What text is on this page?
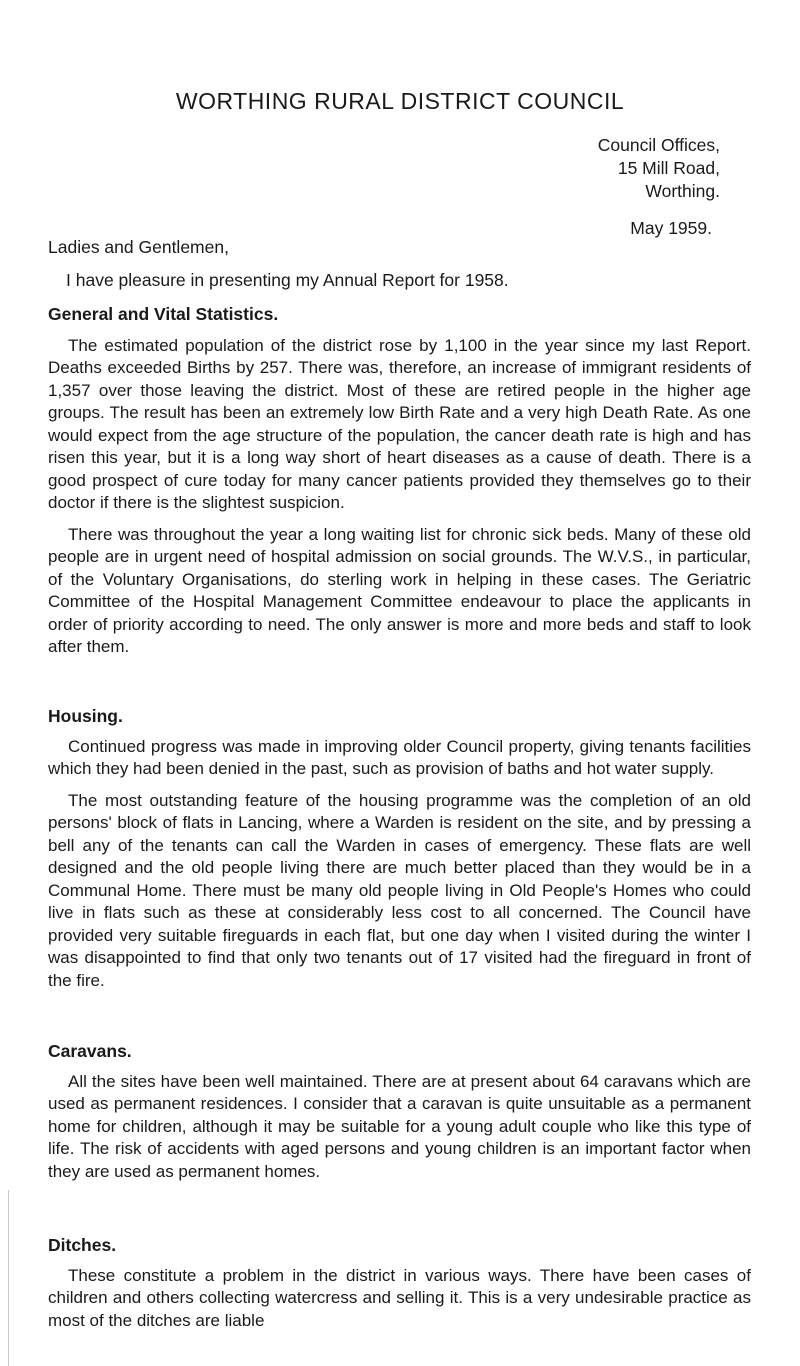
WORTHING RURAL DISTRICT COUNCIL
Council Offices,
15 Mill Road,
Worthing.
May 1959.
Ladies and Gentlemen,
I have pleasure in presenting my Annual Report for 1958.
General and Vital Statistics.

The estimated population of the district rose by 1,100 in the year since my last Report. Deaths exceeded Births by 257. There was, therefore, an increase of immigrant residents of 1,357 over those leaving the district. Most of these are retired people in the higher age groups. The result has been an extremely low Birth Rate and a very high Death Rate. As one would expect from the age structure of the population, the cancer death rate is high and has risen this year, but it is a long way short of heart diseases as a cause of death. There is a good prospect of cure today for many cancer patients provided they themselves go to their doctor if there is the slightest suspicion.

There was throughout the year a long waiting list for chronic sick beds. Many of these old people are in urgent need of hospital admission on social grounds. The W.V.S., in particular, of the Voluntary Organisations, do sterling work in helping in these cases. The Geriatric Committee of the Hospital Management Committee endeavour to place the applicants in order of priority according to need. The only answer is more and more beds and staff to look after them.

Housing.

Continued progress was made in improving older Council property, giving tenants facilities which they had been denied in the past, such as provision of baths and hot water supply.

The most outstanding feature of the housing programme was the completion of an old persons' block of flats in Lancing, where a Warden is resident on the site, and by pressing a bell any of the tenants can call the Warden in cases of emergency. These flats are well designed and the old people living there are much better placed than they would be in a Communal Home. There must be many old people living in Old People's Homes who could live in flats such as these at considerably less cost to all concerned. The Council have provided very suitable fireguards in each flat, but one day when I visited during the winter I was disappointed to find that only two tenants out of 17 visited had the fireguard in front of the fire.

Caravans.

All the sites have been well maintained. There are at present about 64 caravans which are used as permanent residences. I consider that a caravan is quite unsuitable as a permanent home for children, although it may be suitable for a young adult couple who like this type of life. The risk of accidents with aged persons and young children is an important factor when they are used as permanent homes.

Ditches.

These constitute a problem in the district in various ways. There have been cases of children and others collecting watercress and selling it. This is a very undesirable practice as most of the ditches are liable
